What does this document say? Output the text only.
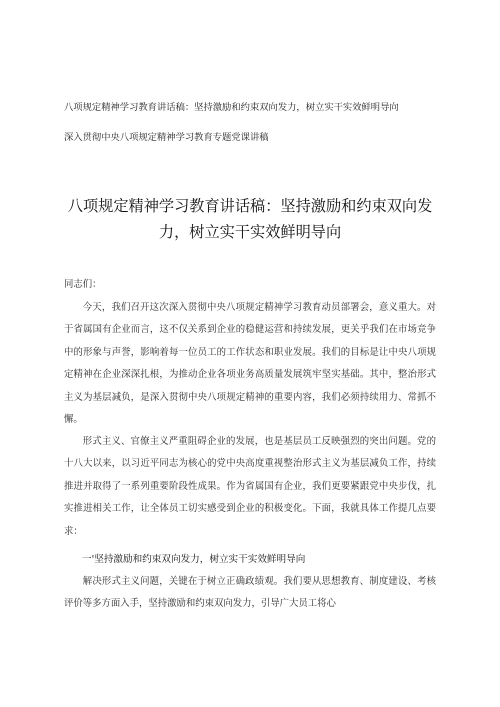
八项规定精神学习教育讲话稿：坚持激励和约束双向发力，树立实干实效鲜明导向
深入贯彻中央八项规定精神学习教育专题党课讲稿
八项规定精神学习教育讲话稿：坚持激励和约束双向发力，树立实干实效鲜明导向
同志们：
今天，我们召开这次深入贯彻中央八项规定精神学习教育动员部署会，意义重大。对于省属国有企业而言，这不仅关系到企业的稳健运营和持续发展，更关乎我们在市场竞争中的形象与声誉，影响着每一位员工的工作状态和职业发展。我们的目标是让中央八项规定精神在企业深深扎根，为推动企业各项业务高质量发展筑牢坚实基础。其中，整治形式主义为基层减负，是深入贯彻中央八项规定精神的重要内容，我们必须持续用力、常抓不懈。
形式主义、官僚主义严重阻碍企业的发展，也是基层员工反映强烈的突出问题。党的十八大以来，以习近平同志为核心的党中央高度重视整治形式主义为基层减负工作，持续推进并取得了一系列重要阶段性成果。作为省属国有企业，我们更要紧跟党中央步伐，扎实推进相关工作，让全体员工切实感受到企业的积极变化。下面，我就具体工作提几点要求：
一'坚持激励和约束双向发力，树立实干实效鲜明导向
解决形式主义问题，关键在于树立正确政绩观。我们要从思想教育、制度建设、考核评价等多方面入手，坚持激励和约束双向发力，引导广大员工将心
